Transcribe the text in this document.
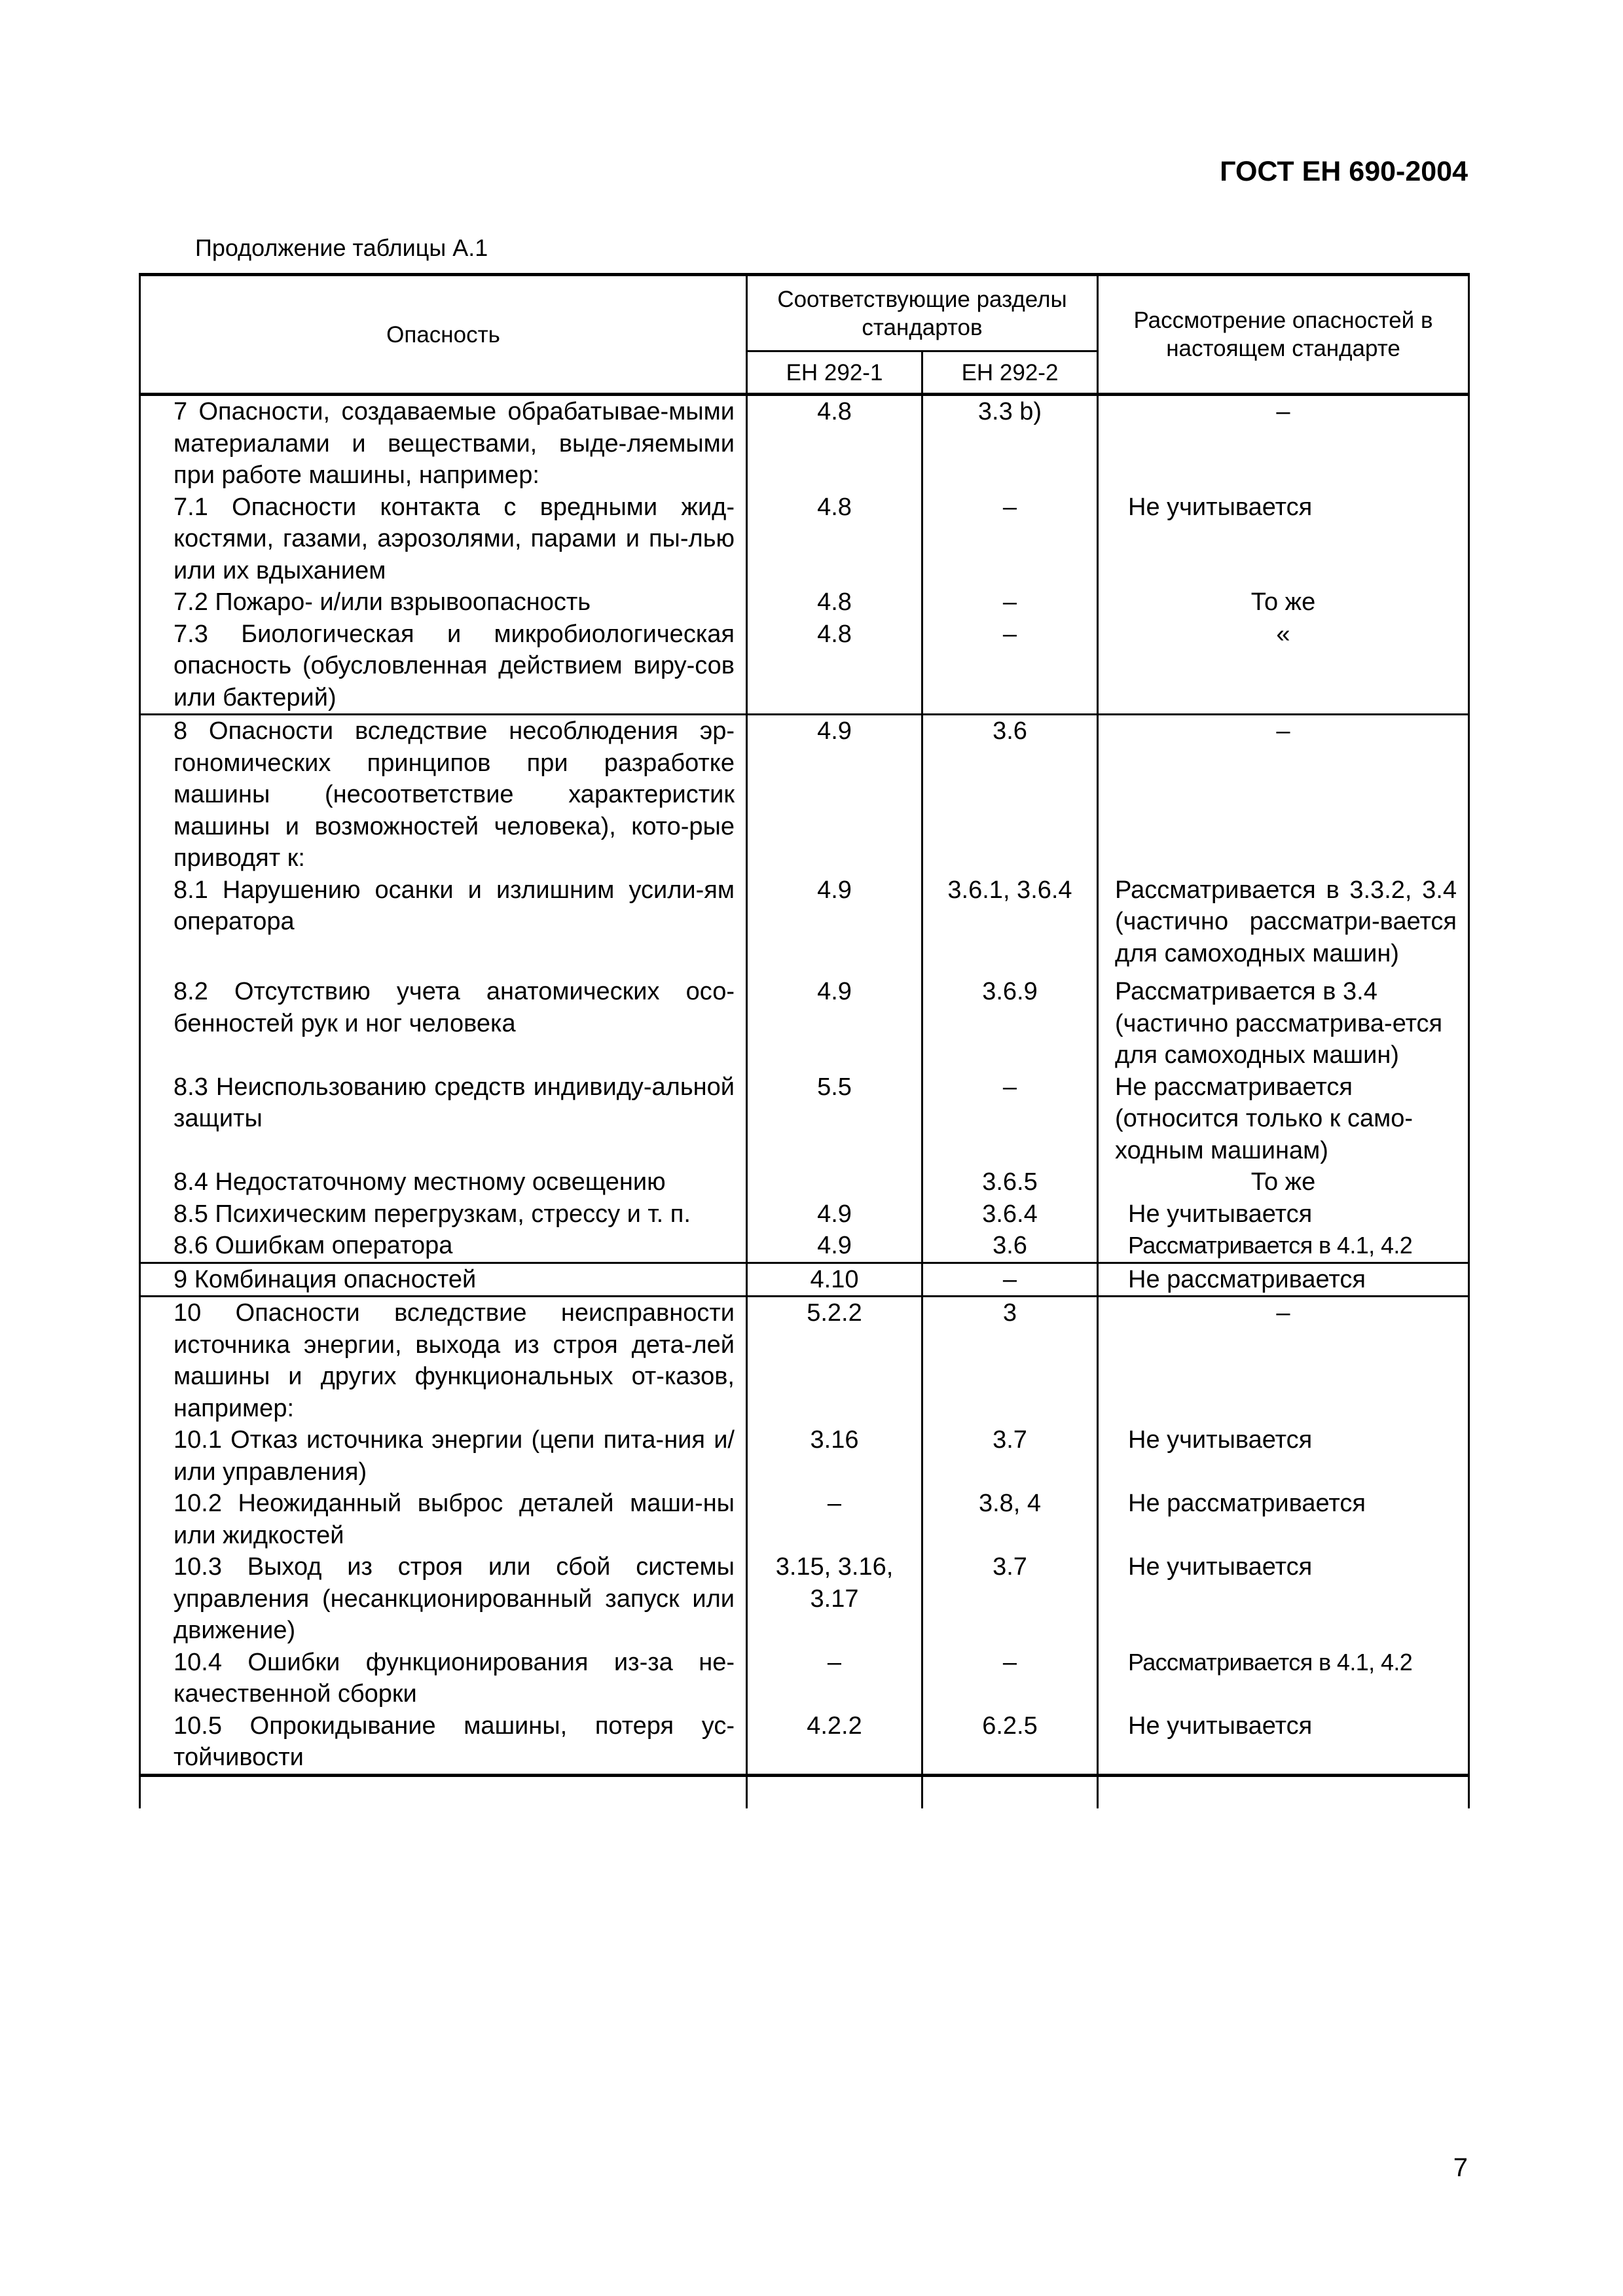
ГОСТ ЕН 690-2004
Продолжение таблицы А.1
Опасность	Соответствующие разделы стандартов		Рассмотрение опасностей в настоящем стандарте
	ЕН 292-1	ЕН 292-2	
7 Опасности, создаваемые обрабатывае-мыми материалами и веществами, выде-ляемыми при работе машины, например:	4.8	3.3 b)	–
7.1 Опасности контакта с вредными жид-костями, газами, аэрозолями, парами и пы-лью или их вдыханием	4.8	–	Не учитывается
7.2 Пожаро- и/или взрывоопасность	4.8	–	То же
7.3 Биологическая и микробиологическая опасность (обусловленная действием виру-сов или бактерий)	4.8	–	«
8 Опасности вследствие несоблюдения эр-гономических принципов при разработке машины (несоответствие характеристик машины и возможностей человека), кото-рые приводят к:	4.9	3.6	–
8.1 Нарушению осанки и излишним усили-ям оператора	4.9	3.6.1, 3.6.4	Рассматривается в 3.3.2, 3.4 (частично рассматри-вается для самоходных машин)
8.2 Отсутствию учета анатомических осо-бенностей рук и ног человека	4.9	3.6.9	Рассматривается в 3.4 (частично рассматрива-ется для самоходных машин)
8.3 Неиспользованию средств индивиду-альной защиты	5.5	–	Не рассматривается (относится только к само-ходным машинам)
8.4 Недостаточному местному освещению		3.6.5	То же
8.5 Психическим перегрузкам, стрессу и т. п.	4.9	3.6.4	Не учитывается
8.6 Ошибкам оператора	4.9	3.6	Рассматривается в 4.1, 4.2
9 Комбинация опасностей	4.10	–	Не рассматривается
10 Опасности вследствие неисправности источника энергии, выхода из строя дета-лей машины и других функциональных от-казов, например:	5.2.2	3	–
10.1 Отказ источника энергии (цепи пита-ния и/или управления)	3.16	3.7	Не учитывается
10.2 Неожиданный выброс деталей маши-ны или жидкостей	–	3.8, 4	Не рассматривается
10.3 Выход из строя или сбой системы управления (несанкционированный запуск или движение)	3.15, 3.16, 3.17	3.7	Не учитывается
10.4 Ошибки функционирования из-за не-качественной сборки	–	–	Рассматривается в 4.1, 4.2
10.5 Опрокидывание машины, потеря ус-тойчивости	4.2.2	6.2.5	Не учитывается

7
